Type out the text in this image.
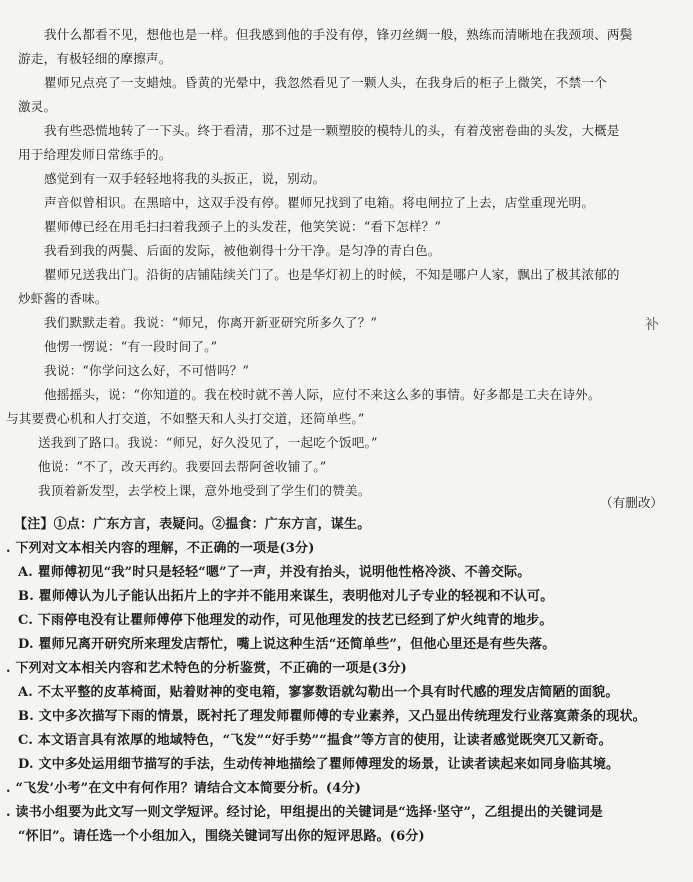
我什么都看不见，想他也是一样。但我感到他的手没有停，锋刃丝绸一般，熟练而清晰地在我颈项、两鬓
游走，有极轻细的摩擦声。
瞿师兄点亮了一支蜡烛。昏黄的光晕中，我忽然看见了一颗人头，在我身后的柜子上微笑，不禁一个
激灵。
我有些恐慌地转了一下头。终于看清，那不过是一颗塑胶的模特儿的头，有着茂密卷曲的头发，大概是
用于给理发师日常练手的。
感觉到有一双手轻轻地将我的头扳正，说，别动。
声音似曾相识。在黑暗中，这双手没有停。瞿师兄找到了电箱。将电闸拉了上去，店堂重现光明。
瞿师傅已经在用毛扫扫着我颈子上的头发茬，他笑笑说：“看下怎样？”
我看到我的两鬓、后面的发际，被他剃得十分干净。是匀净的青白色。
瞿师兄送我出门。沿街的店铺陆续关门了。也是华灯初上的时候，不知是哪户人家，飘出了极其浓郁的
炒虾酱的香味。
我们默默走着。我说：“师兄，你离开新亚研究所多久了？”
他愣一愣说：“有一段时间了。”
我说：“你学问这么好，不可惜吗？”
他摇摇头，说：“你知道的。我在校时就不善人际，应付不来这么多的事情。好多都是工夫在诗外。
与其要费心机和人打交道，不如整天和人头打交道，还简单些。”
送我到了路口。我说：“师兄，好久没见了，一起吃个饭吧。”
他说：“不了，改天再约。我要回去帮阿爸收铺了。”
我顶着新发型，去学校上课，意外地受到了学生们的赞美。
补
（有删改）
【注】①点：广东方言，表疑问。②揾食：广东方言，谋生。
. 下列对文本相关内容的理解，不正确的一项是(3分)
A. 瞿师傅初见“我”时只是轻轻“嗯”了一声，并没有抬头，说明他性格冷淡、不善交际。
B. 瞿师傅认为儿子能认出拓片上的字并不能用来谋生，表明他对儿子专业的轻视和不认可。
C. 下雨停电没有让瞿师傅停下他理发的动作，可见他理发的技艺已经到了炉火纯青的地步。
D. 瞿师兄离开研究所来理发店帮忙，嘴上说这种生活“还简单些”，但他心里还是有些失落。
. 下列对文本相关内容和艺术特色的分析鉴赏，不正确的一项是(3分)
A. 不太平整的皮革椅面，贴着财神的变电箱，寥寥数语就勾勒出一个具有时代感的理发店简陋的面貌。
B. 文中多次描写下雨的情景，既衬托了理发师瞿师傅的专业素养，又凸显出传统理发行业落寞萧条的现状。
C. 本文语言具有浓厚的地域特色，“飞发”“好手势”“揾食”等方言的使用，让读者感觉既突兀又新奇。
D. 文中多处运用细节描写的手法，生动传神地描绘了瞿师傅理发的场景，让读者读起来如同身临其境。
. “飞发’小考”在文中有何作用？请结合文本简要分析。(4分)
. 读书小组要为此文写一则文学短评。经讨论，甲组提出的关键词是“选择·坚守”，乙组提出的关键词是
“怀旧”。请任选一个小组加入，围绕关键词写出你的短评思路。(6分)
